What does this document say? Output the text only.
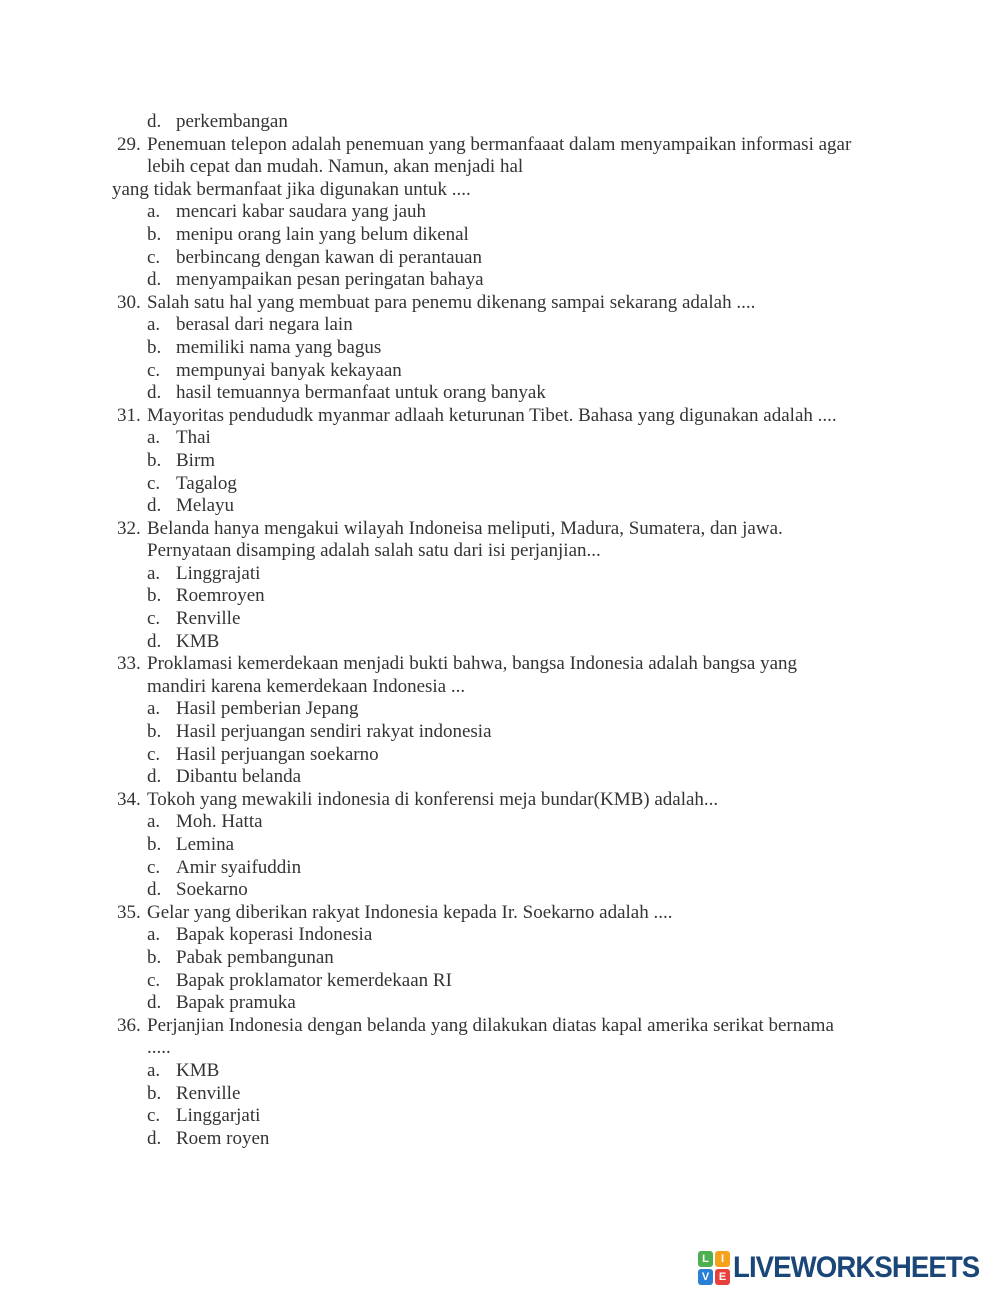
d. perkembangan
29. Penemuan telepon adalah penemuan yang bermanfaaat dalam menyampaikan informasi agar
lebih cepat dan mudah. Namun, akan menjadi hal
yang tidak bermanfaat jika digunakan untuk ....
a. mencari kabar saudara yang jauh
b. menipu orang lain yang belum dikenal
c. berbincang dengan kawan di perantauan
d. menyampaikan pesan peringatan bahaya
30. Salah satu hal yang membuat para penemu dikenang sampai sekarang adalah ....
a. berasal dari negara lain
b. memiliki nama yang bagus
c. mempunyai banyak kekayaan
d. hasil temuannya bermanfaat untuk orang banyak
31. Mayoritas pendududk myanmar adlaah keturunan Tibet. Bahasa yang digunakan adalah ....
a. Thai
b. Birm
c. Tagalog
d. Melayu
32. Belanda hanya mengakui wilayah Indoneisa meliputi, Madura, Sumatera, dan jawa.
Pernyataan disamping adalah salah satu dari isi perjanjian...
a. Linggrajati
b. Roemroyen
c. Renville
d. KMB
33. Proklamasi kemerdekaan menjadi bukti bahwa, bangsa Indonesia adalah bangsa yang
mandiri karena kemerdekaan Indonesia ...
a. Hasil pemberian Jepang
b. Hasil perjuangan sendiri rakyat indonesia
c. Hasil perjuangan soekarno
d. Dibantu belanda
34. Tokoh yang mewakili indonesia di konferensi meja bundar(KMB) adalah...
a. Moh. Hatta
b. Lemina
c. Amir syaifuddin
d. Soekarno
35. Gelar yang diberikan rakyat Indonesia kepada Ir. Soekarno adalah ....
a. Bapak koperasi Indonesia
b. Pabak pembangunan
c. Bapak proklamator kemerdekaan RI
d. Bapak pramuka
36. Perjanjian Indonesia dengan belanda yang dilakukan diatas kapal amerika serikat bernama
.....
a. KMB
b. Renville
c. Linggarjati
d. Roem royen
L	I
V E LIVEWORKSHEETS
